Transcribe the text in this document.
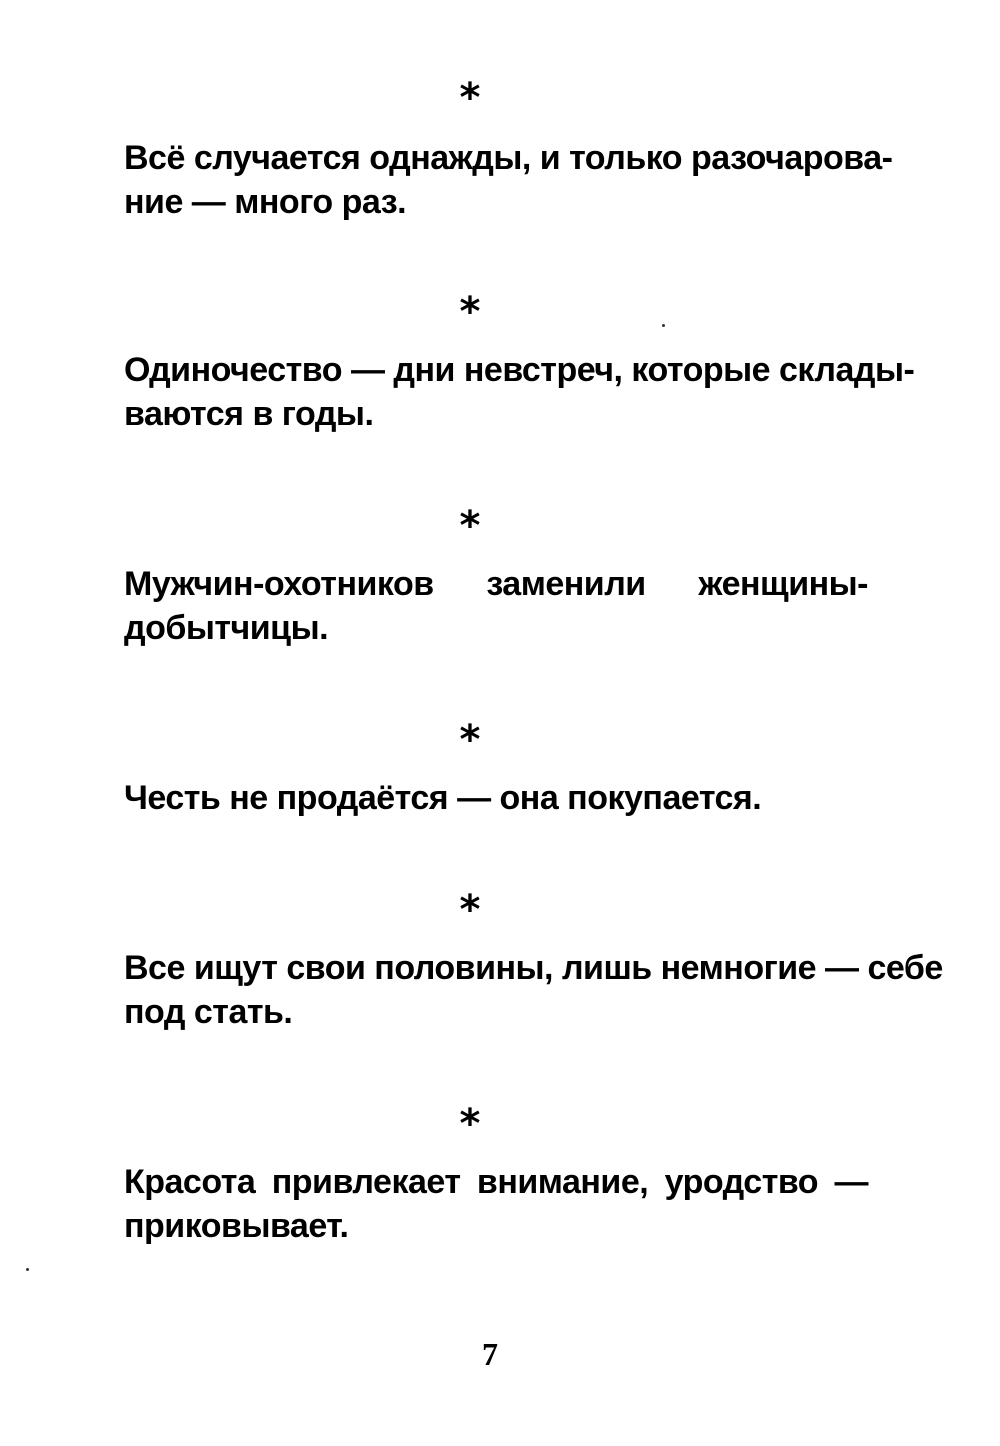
*
Всё случается однажды, и только разочарова-
ние — много раз.
*
Одиночество — дни невстреч, которые склады-
ваются в годы.
*
Мужчин-охотников заменили женщины-
добытчицы.
*
Честь не продаётся — она покупается.
*
Все ищут свои половины, лишь немногие — себе
под стать.
*
Красота привлекает внимание, уродство —
приковывает.
7
